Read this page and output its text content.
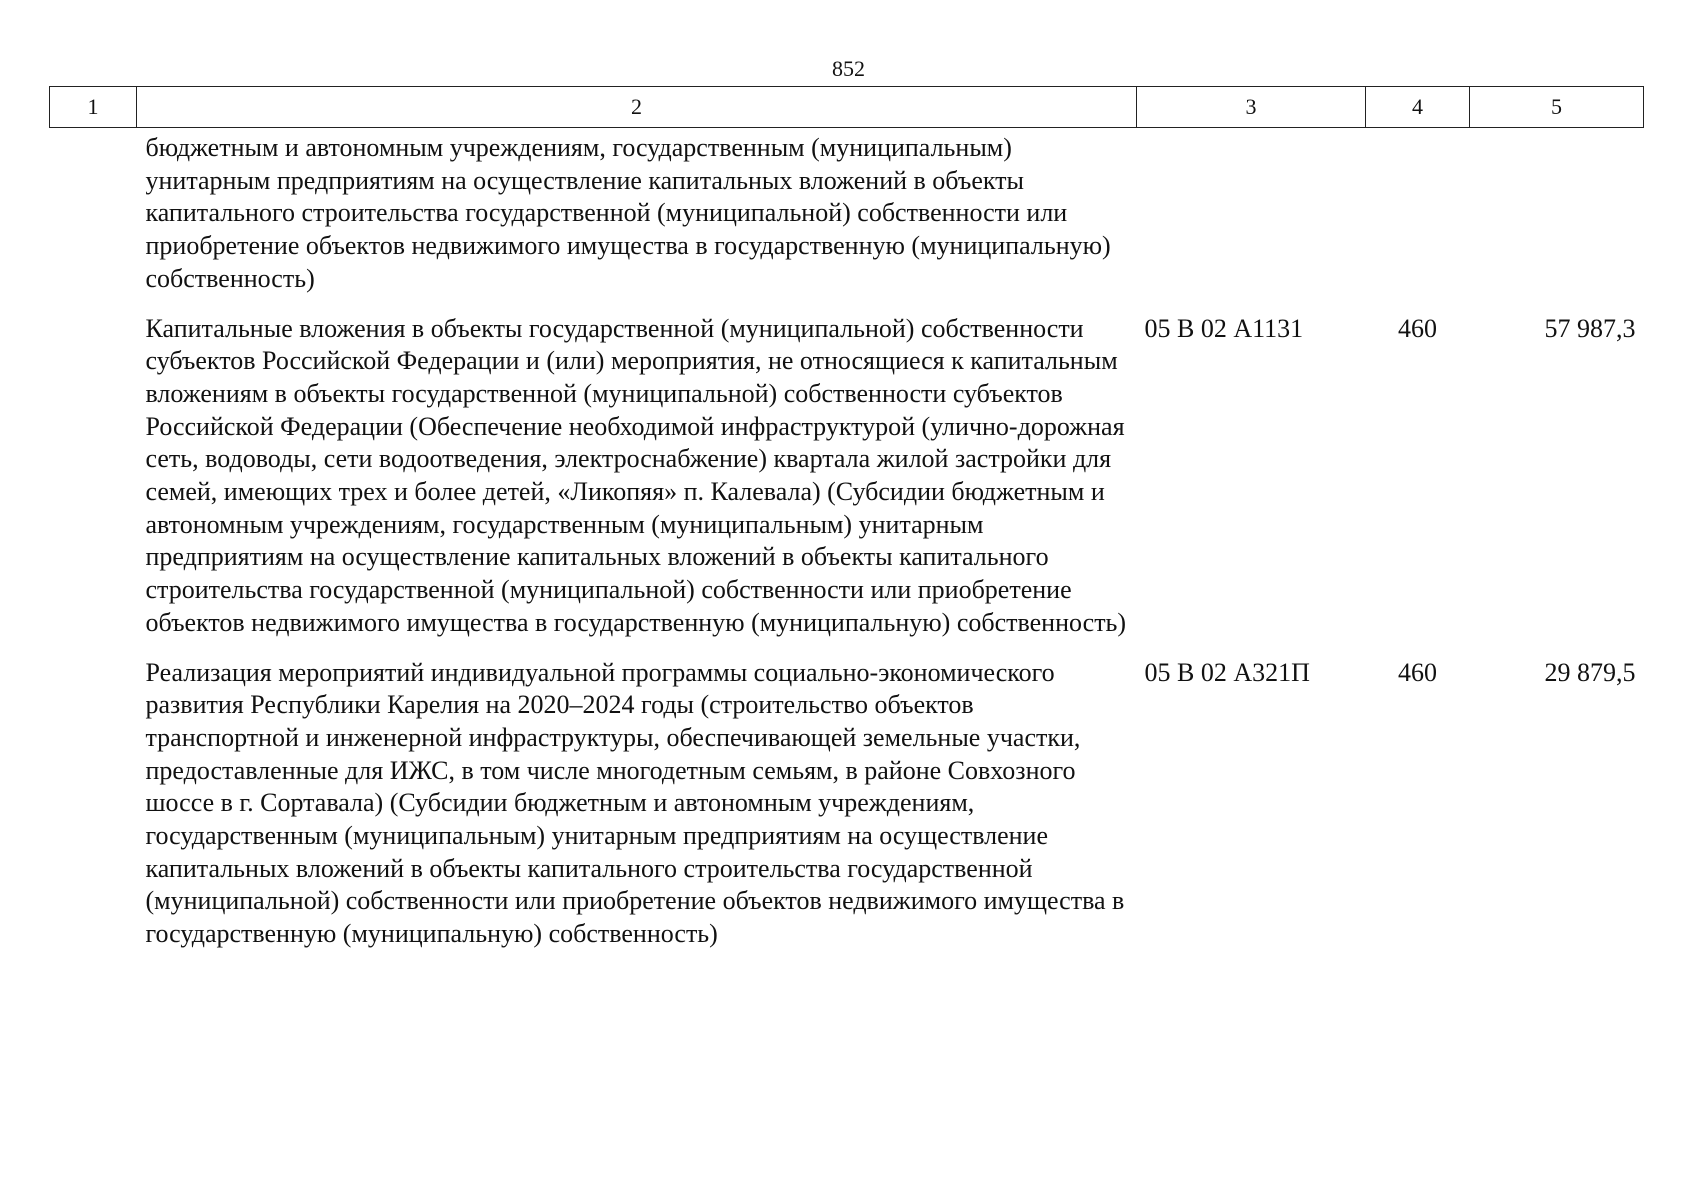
852
1	2	3	4	5
	бюджетным и автономным учреждениям, государственным (муниципальным) унитарным предприятиям на осуществление капитальных вложений в объекты капитального строительства государственной (муниципальной) собственности или приобретение объектов недвижимого имущества в государственную (муниципальную) собственность)			
	Капитальные вложения в объекты государственной (муниципальной) собственности субъектов Российской Федерации и (или) мероприятия, не относящиеся к капитальным вложениям в объекты государственной (муниципальной) собственности субъектов Российской Федерации (Обеспечение необходимой инфраструктурой (улично-дорожная сеть, водоводы, сети водоотведения, электроснабжение) квартала жилой застройки для семей, имеющих трех и более детей, «Ликопяя» п. Калевала) (Субсидии бюджетным и автономным учреждениям, государственным (муниципальным) унитарным предприятиям на осуществление капитальных вложений в объекты капитального строительства государственной (муниципальной) собственности или приобретение объектов недвижимого имущества в государственную (муниципальную) собственность)	05 В 02 А1131	460	57 987,3
	Реализация мероприятий индивидуальной программы социально-экономического развития Республики Карелия на 2020–2024 годы (строительство объектов транспортной и инженерной инфраструктуры, обеспечивающей земельные участки, предоставленные для ИЖС, в том числе многодетным семьям, в районе Совхозного шоссе в г. Сортавала) (Субсидии бюджетным и автономным учреждениям, государственным (муниципальным) унитарным предприятиям на осуществление капитальных вложений в объекты капитального строительства государственной (муниципальной) собственности или приобретение объектов недвижимого имущества в государственную (муниципальную) собственность)	05 В 02 А321П	460	29 879,5
